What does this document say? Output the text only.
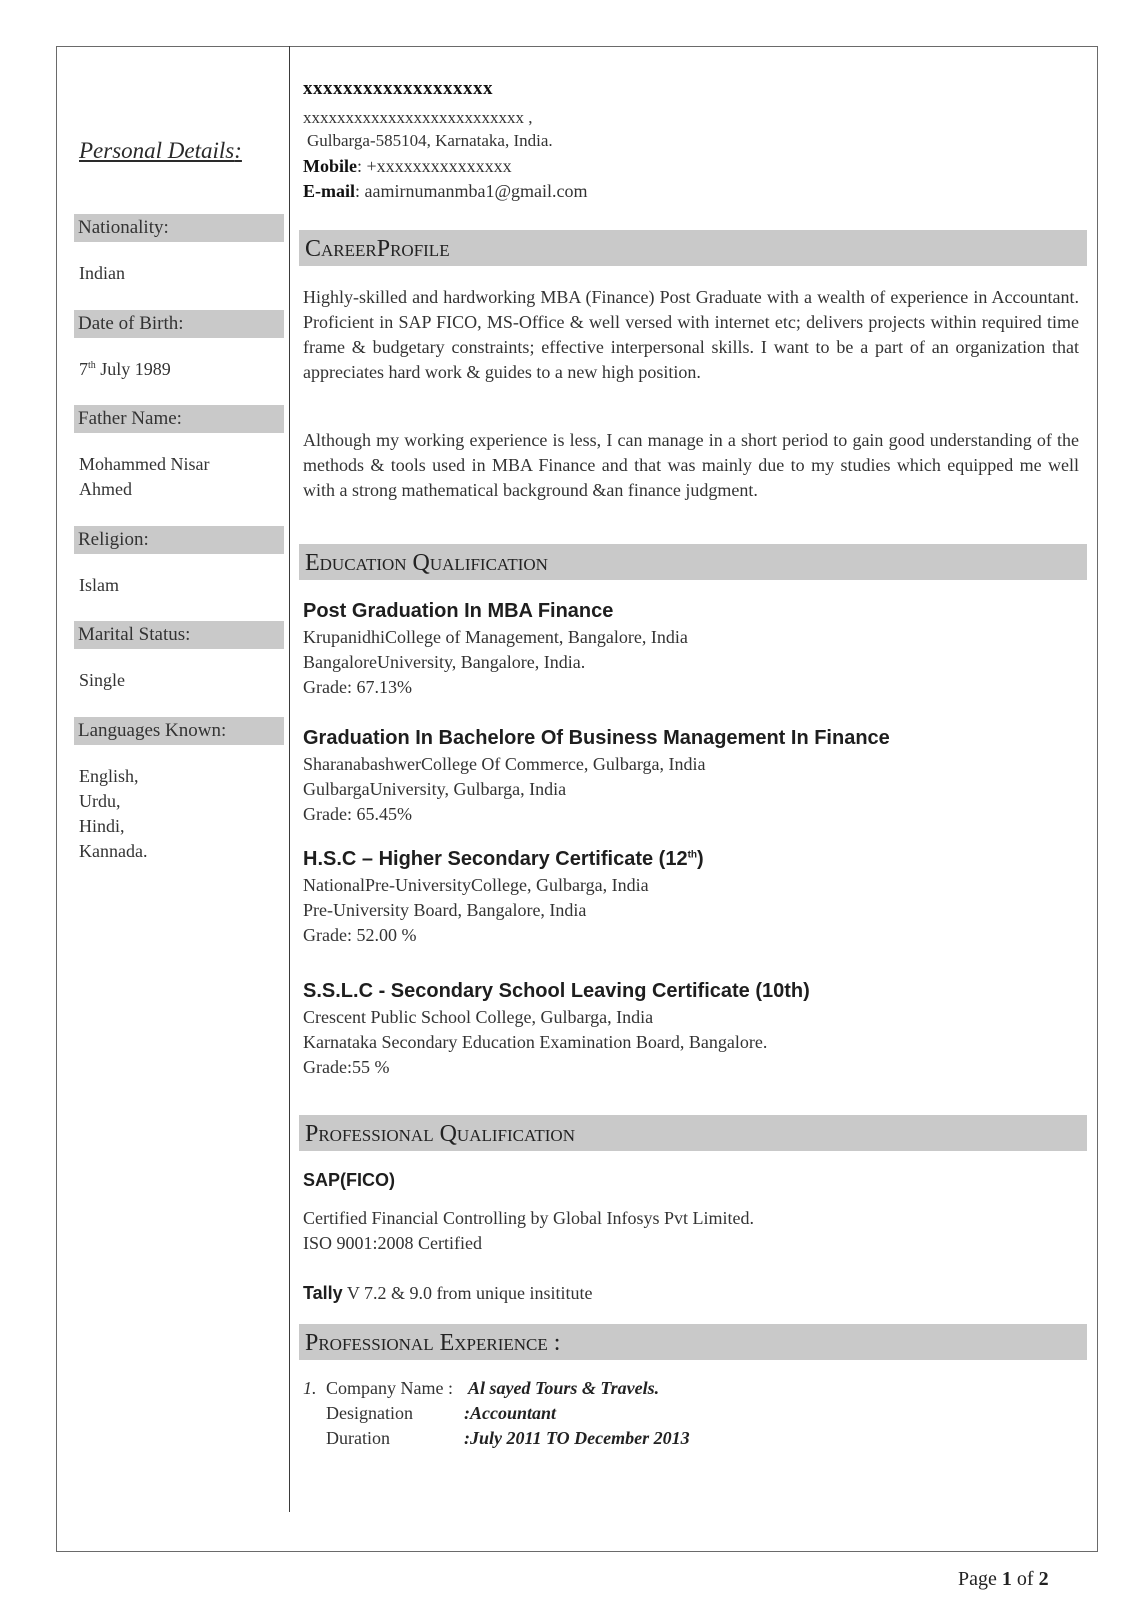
Personal Details:
Nationality:
Indian
Date of Birth:
7th July 1989
Father Name:
Mohammed Nisar
Ahmed
Religion:
Islam
Marital Status:
Single
Languages Known:
English,
Urdu,
Hindi,
Kannada.
xxxxxxxxxxxxxxxxxxx
xxxxxxxxxxxxxxxxxxxxxxxxxx ,
Gulbarga-585104, Karnataka, India.
Mobile: +xxxxxxxxxxxxxxx
E-mail: aamirnumanmba1@gmail.com
CareerProfile

Highly-skilled and hardworking MBA (Finance) Post Graduate with a wealth of experience in Accountant. Proficient in SAP FICO, MS-Office & well versed with internet etc; delivers projects within required time frame & budgetary constraints; effective interpersonal skills. I want to be a part of an organization that appreciates hard work & guides to a new high position.

Although my working experience is less, I can manage in a short period to gain good understanding of the methods & tools used in MBA Finance and that was mainly due to my studies which equipped me well with a strong mathematical background &an finance judgment.

Education Qualification
Post Graduation In MBA Finance
KrupanidhiCollege of Management, Bangalore, India
BangaloreUniversity, Bangalore, India.
Grade: 67.13%
Graduation In Bachelore Of Business Management In Finance
SharanabashwerCollege Of Commerce, Gulbarga, India
GulbargaUniversity, Gulbarga, India
Grade: 65.45%
H.S.C – Higher Secondary Certificate (12th)
NationalPre-UniversityCollege, Gulbarga, India
Pre-University Board, Bangalore, India
Grade: 52.00 %
S.S.L.C - Secondary School Leaving Certificate (10th)
Crescent Public School College, Gulbarga, India
Karnataka Secondary Education Examination Board, Bangalore.
Grade:55 %
Professional Qualification
SAP(FICO)
Certified Financial Controlling by Global Infosys Pvt Limited.
ISO 9001:2008 Certified
Tally V 7.2 & 9.0 from unique insititute
Professional Experience :
1. Company Name : Al sayed Tours & Travels.
Designation	:Accountant
Duration	:July 2011 TO December 2013
Page 1 of 2
